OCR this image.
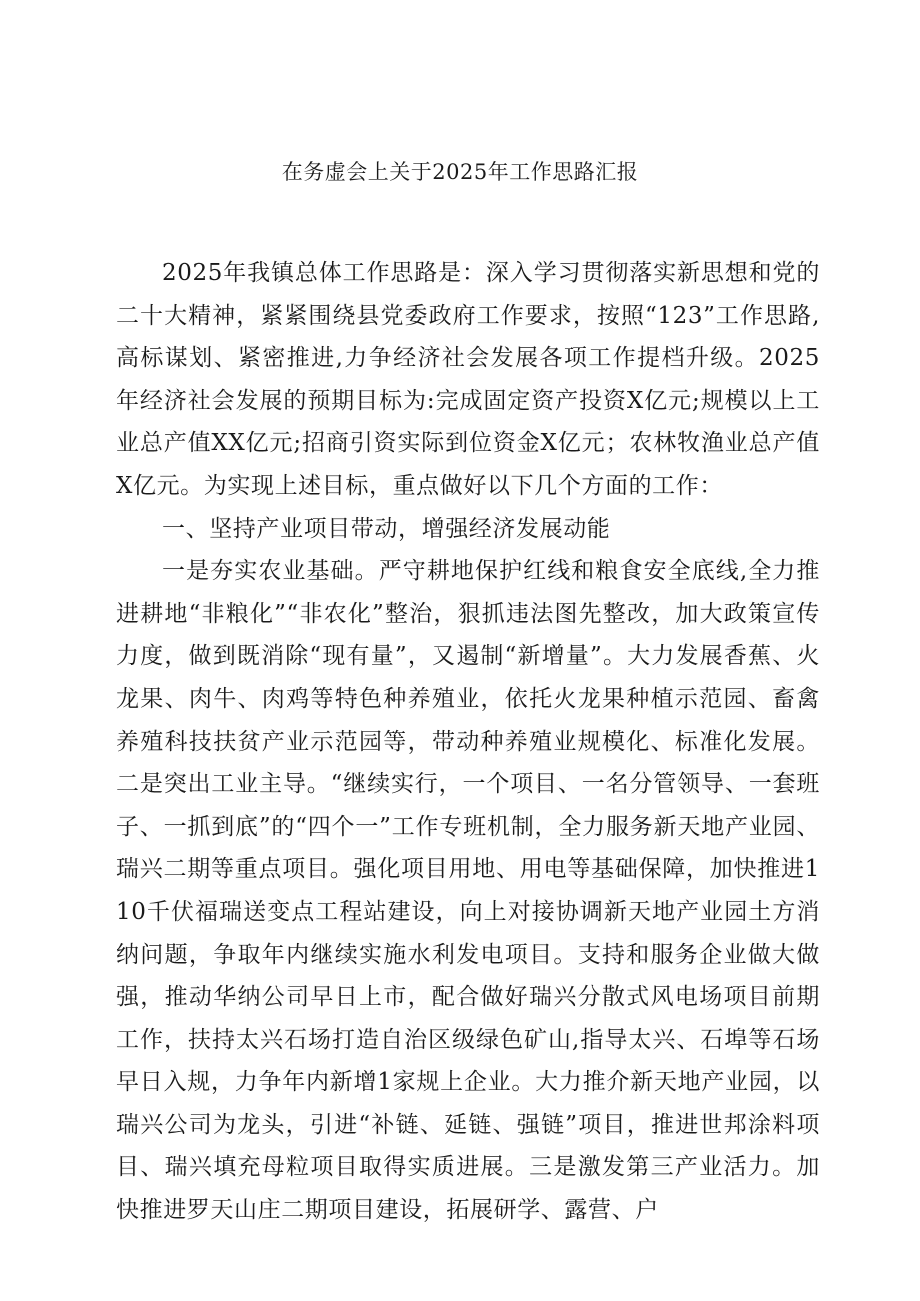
在务虚会上关于2025年工作思路汇报

2025年我镇总体工作思路是：深入学习贯彻落实新思想和党的二十大精神，紧紧围绕县党委政府工作要求，按照“123”工作思路,高标谋划、紧密推进,力争经济社会发展各项工作提档升级。2025年经济社会发展的预期目标为:完成固定资产投资X亿元;规模以上工业总产值XX亿元;招商引资实际到位资金X亿元；农林牧渔业总产值X亿元。为实现上述目标，重点做好以下几个方面的工作：

一、坚持产业项目带动，增强经济发展动能

一是夯实农业基础。严守耕地保护红线和粮食安全底线,全力推进耕地“非粮化”“非农化”整治，狠抓违法图先整改，加大政策宣传力度，做到既消除“现有量”，又遏制“新增量”。大力发展香蕉、火龙果、肉牛、肉鸡等特色种养殖业，依托火龙果种植示范园、畜禽养殖科技扶贫产业示范园等，带动种养殖业规模化、标准化发展。二是突出工业主导。“继续实行，一个项目、一名分管领导、一套班子、一抓到底”的“四个一”工作专班机制，全力服务新天地产业园、瑞兴二期等重点项目。强化项目用地、用电等基础保障，加快推进110千伏福瑞送变点工程站建设，向上对接协调新天地产业园土方消纳问题，争取年内继续实施水利发电项目。支持和服务企业做大做强，推动华纳公司早日上市，配合做好瑞兴分散式风电场项目前期工作，扶持太兴石场打造自治区级绿色矿山,指导太兴、石埠等石场早日入规，力争年内新增1家规上企业。大力推介新天地产业园，以瑞兴公司为龙头，引进“补链、延链、强链”项目，推进世邦涂料项目、瑞兴填充母粒项目取得实质进展。三是激发第三产业活力。加快推进罗天山庄二期项目建设，拓展研学、露营、户
